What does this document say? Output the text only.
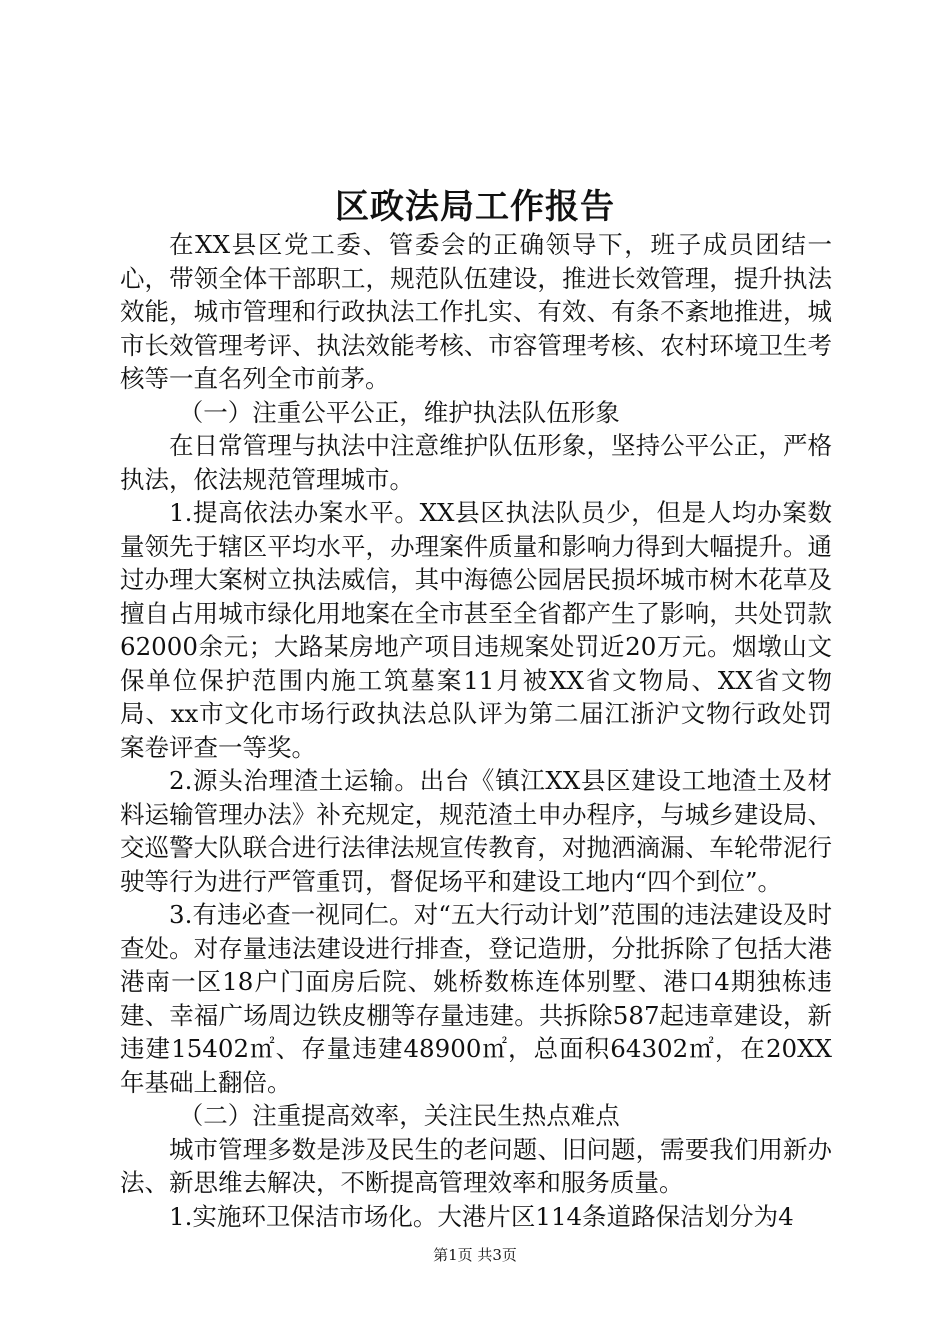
区政法局工作报告

在XX县区党工委、管委会的正确领导下，班子成员团结一心，带领全体干部职工，规范队伍建设，推进长效管理，提升执法效能，城市管理和行政执法工作扎实、有效、有条不紊地推进，城市长效管理考评、执法效能考核、市容管理考核、农村环境卫生考核等一直名列全市前茅。

（一）注重公平公正，维护执法队伍形象

在日常管理与执法中注意维护队伍形象，坚持公平公正，严格执法，依法规范管理城市。

1.提高依法办案水平。XX县区执法队员少，但是人均办案数量领先于辖区平均水平，办理案件质量和影响力得到大幅提升。通过办理大案树立执法威信，其中海德公园居民损坏城市树木花草及擅自占用城市绿化用地案在全市甚至全省都产生了影响，共处罚款62000余元；大路某房地产项目违规案处罚近20万元。烟墩山文保单位保护范围内施工筑墓案11月被XX省文物局、XX省文物局、xx市文化市场行政执法总队评为第二届江浙沪文物行政处罚案卷评查一等奖。

2.源头治理渣土运输。出台《镇江XX县区建设工地渣土及材料运输管理办法》补充规定，规范渣土申办程序，与城乡建设局、交巡警大队联合进行法律法规宣传教育，对抛洒滴漏、车轮带泥行驶等行为进行严管重罚，督促场平和建设工地内“四个到位”。

3.有违必查一视同仁。对“五大行动计划”范围的违法建设及时查处。对存量违法建设进行排查，登记造册，分批拆除了包括大港港南一区18户门面房后院、姚桥数栋连体别墅、港口4期独栋违建、幸福广场周边铁皮棚等存量违建。共拆除587起违章建设，新违建15402㎡、存量违建48900㎡，总面积64302㎡，在20XX年基础上翻倍。

（二）注重提高效率，关注民生热点难点

城市管理多数是涉及民生的老问题、旧问题，需要我们用新办法、新思维去解决，不断提高管理效率和服务质量。

1.实施环卫保洁市场化。大港片区114条道路保洁划分为4

第1页 共3页
